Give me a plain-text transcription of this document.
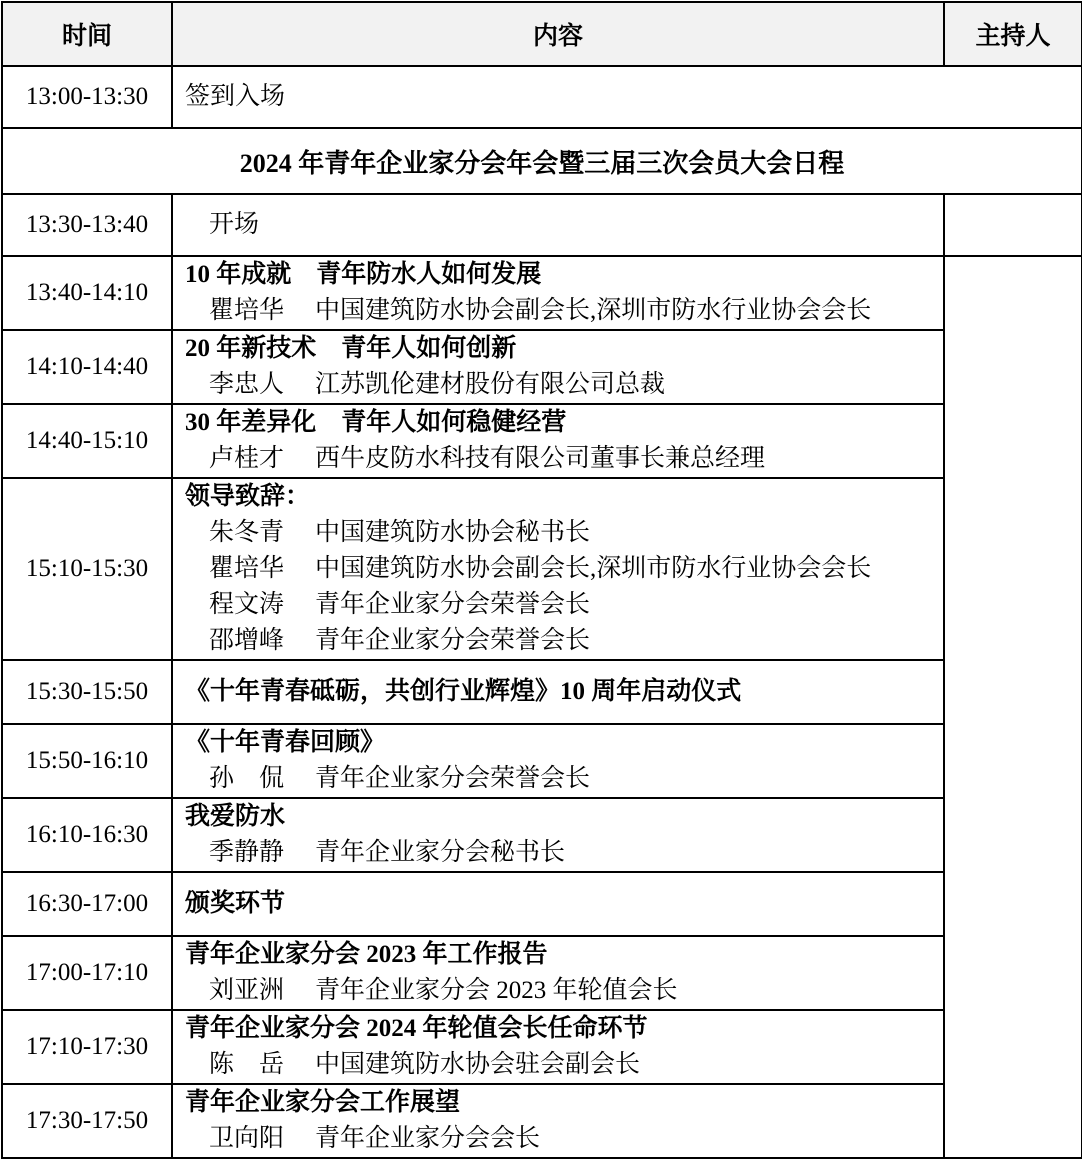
时间	内容	主持人
13:00-13:30	签到入场	
2024 年青年企业家分会年会暨三届三次会员大会日程		
13:30-13:40	开场	

13:40-14:10	10 年成就　青年防水人如何发展
瞿培华 中国建筑防水协会副会长,深圳市防水行业协会会长	

14:10-14:40	20 年新技术　青年人如何创新
李忠人 江苏凯伦建材股份有限公司总裁	

14:40-15:10	30 年差异化　青年人如何稳健经营
卢桂才 西牛皮防水科技有限公司董事长兼总经理	

15:10-15:30	领导致辞：
朱冬青 中国建筑防水协会秘书长
瞿培华 中国建筑防水协会副会长,深圳市防水行业协会会长
程文涛 青年企业家分会荣誉会长
邵增峰 青年企业家分会荣誉会长	

15:30-15:50	《十年青春砥砺，共创行业辉煌》10 周年启动仪式	

15:50-16:10	《十年青春回顾》
孙　侃 青年企业家分会荣誉会长	

16:10-16:30	我爱防水
季静静 青年企业家分会秘书长	

16:30-17:00	颁奖环节	

17:00-17:10	青年企业家分会 2023 年工作报告
刘亚洲 青年企业家分会 2023 年轮值会长	

17:10-17:30	青年企业家分会 2024 年轮值会长任命环节
陈　岳 中国建筑防水协会驻会副会长	

17:30-17:50	青年企业家分会工作展望
卫向阳 青年企业家分会会长	
